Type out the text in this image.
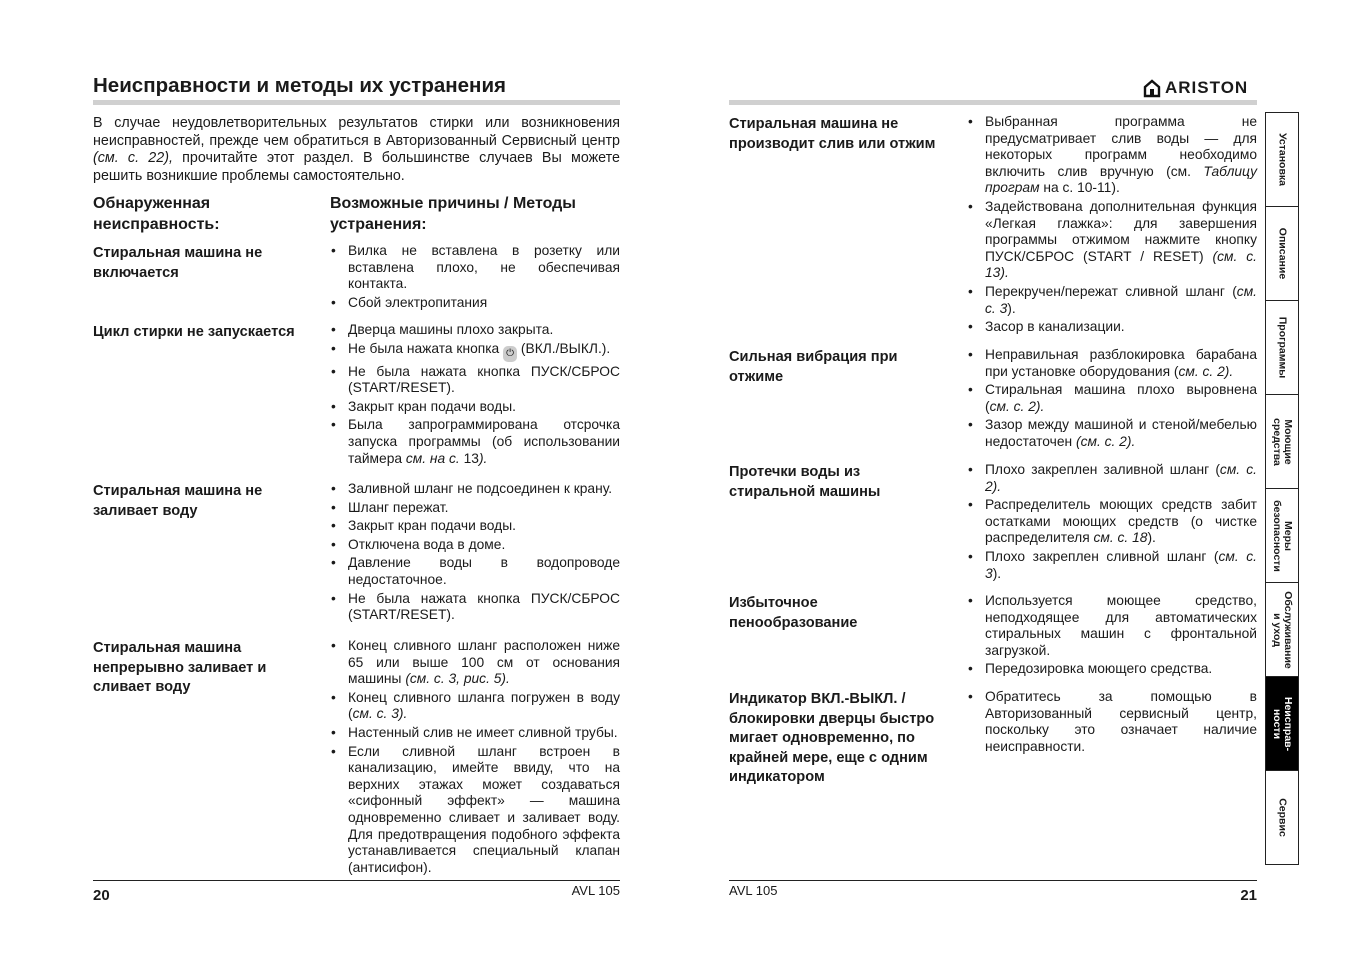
Неисправности и методы их устранения	ARISTON
В случае неудовлетворительных результатов стирки или возникновения неисправностей, прежде чем обратиться в Авторизованный Сервисный центр (см. с. 22), прочитайте этот раздел. В большинстве случаев Вы можете решить возникшие проблемы самостоятельно.
Обнаруженная неисправность:
Возможные причины / Методы устранения:
Стиральная машина не включается
• Вилка не вставлена в розетку или вставлена плохо, не обеспечивая контакта.
• Сбой электропитания
Цикл стирки не запускается	• Дверца машины плохо закрыта.
• Не была нажата кнопка ⏻ (ВКЛ./ВЫКЛ.).
• Не была нажата кнопка ПУСК/СБРОС (START/RESET).
• Закрыт кран подачи воды.
• Была запрограммирована отсрочка запуска программы (об использовании таймера см. на с. 13).
Стиральная машина не заливает воду
• Заливной шланг не подсоединен к крану.
• Шланг пережат.
• Закрыт кран подачи воды.
• Отключена вода в доме.
• Давление воды в водопроводе недостаточное.
• Не была нажата кнопка ПУСК/СБРОС (START/RESET).
Стиральная машина непрерывно заливает и сливает воду
• Конец сливного шланг расположен ниже 65 или выше 100 см от основания машины (см. с. 3, рис. 5).
• Конец сливного шланга погружен в воду (см. с. 3).
• Настенный слив не имеет сливной трубы.
• Если сливной шланг встроен в канализацию, имейте ввиду, что на верхних этажах может создаваться «сифонный эффект» — машина одновременно сливает и заливает воду. Для предотвращения подобного эффекта устанавливается специальный клапан (антисифон).
Стиральная машина не производит слив или отжим
• Выбранная программа не предусматривает слив воды — для некоторых программ необходимо включить слив вручную (см. Таблицу програм на с. 10-11).
• Задействована дополнительная функция «Легкая глажка»: для завершения программы отжимом нажмите кнопку ПУСК/СБРОС (START / RESET) (см. с. 13).
• Перекручен/пережат сливной шланг (см. с. 3).
• Засор в канализации.
Сильная вибрация при отжиме
• Неправильная разблокировка барабана при установке оборудования (см. с. 2).
• Стиральная машина плохо выровнена (см. с. 2).
• Зазор между машиной и стеной/мебелью недостаточен (см. с. 2).
Протечки воды из стиральной машины
• Плохо закреплен заливной шланг (см. с. 2).
• Распределитель моющих средств забит остатками моющих средств (о чистке распределителя см. с. 18).
• Плохо закреплен сливной шланг (см. с. 3).
Избыточное пенообразование
• Используется моющее средство, неподходящее для автоматических стиральных машин с фронтальной загрузкой.
• Передозировка моющего средства.
Индикатор ВКЛ.-ВЫКЛ. / блокировки дверцы быстро мигает одновременно, по крайней мере, еще с одним индикатором
• Обратитесь за помощью в Авторизованный сервисный центр, поскольку это означает наличие неисправности.
Установка
Описание
Программы
Моющие
средства
Меры
безопасности
Обслуживание
и уход
Неисправ-
ности
Сервис
20	AVL 105	AVL 105	21
